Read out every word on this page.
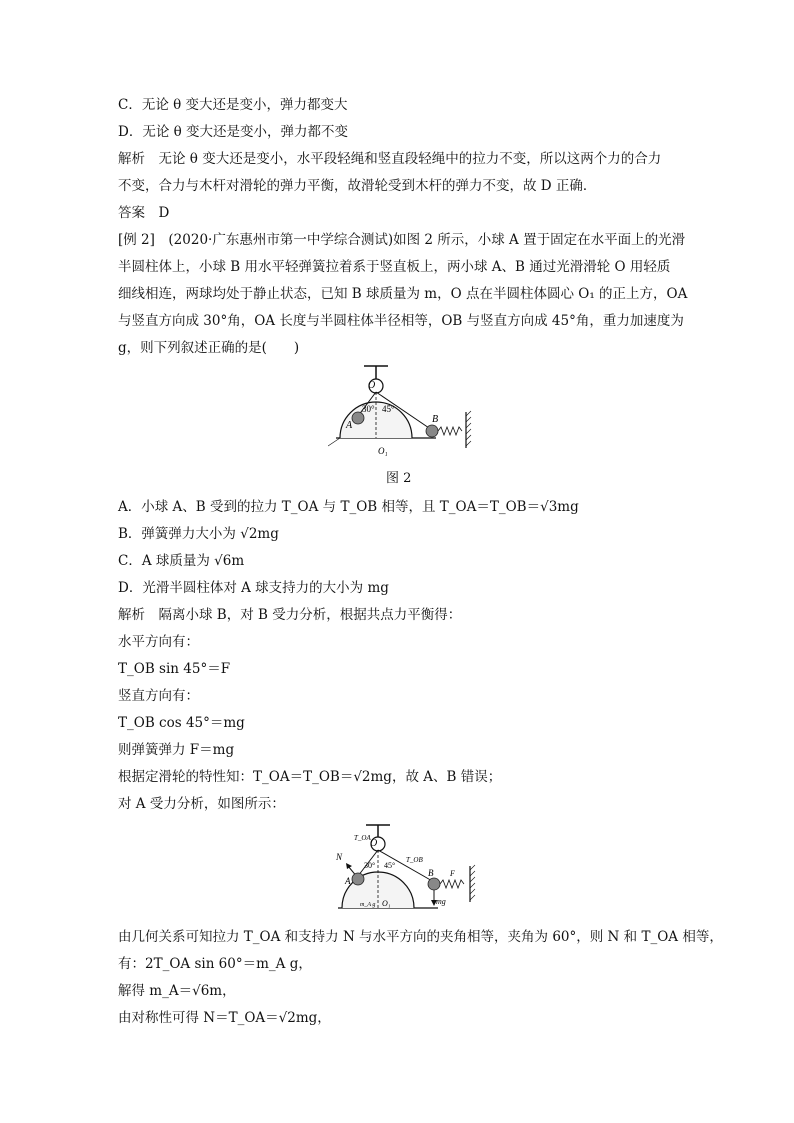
C．无论 θ 变大还是变小，弹力都变大
D．无论 θ 变大还是变小，弹力都不变
解析　无论 θ 变大还是变小，水平段轻绳和竖直段轻绳中的拉力不变，所以这两个力的合力
不变，合力与木杆对滑轮的弹力平衡，故滑轮受到木杆的弹力不变，故 D 正确．
答案　D
[例 2]　(2020·广东惠州市第一中学综合测试)如图 2 所示，小球 A 置于固定在水平面上的光滑
半圆柱体上，小球 B 用水平轻弹簧拉着系于竖直板上，两小球 A、B 通过光滑滑轮 O 用轻质
细线相连，两球均处于静止状态，已知 B 球质量为 m，O 点在半圆柱体圆心 O₁ 的正上方，OA
与竖直方向成 30°角，OA 长度与半圆柱体半径相等，OB 与竖直方向成 45°角，重力加速度为
g，则下列叙述正确的是(　　)
O
30° 45°
A
B
O₁
图 2
A．小球 A、B 受到的拉力 T_OA 与 T_OB 相等，且 T_OA＝T_OB＝√3mg
B．弹簧弹力大小为 √2mg
C．A 球质量为 √6m
D．光滑半圆柱体对 A 球支持力的大小为 mg
解析　隔离小球 B，对 B 受力分析，根据共点力平衡得：
水平方向有：
T_OB sin 45°＝F
竖直方向有：
T_OB cos 45°＝mg
则弹簧弹力 F＝mg
根据定滑轮的特性知：T_OA＝T_OB＝√2mg，故 A、B 错误；
对 A 受力分析，如图所示：
O
T_OA
30° 45°
T_OB
N
A
B F
mg
m_A g O₁
由几何关系可知拉力 T_OA 和支持力 N 与水平方向的夹角相等，夹角为 60°，则 N 和 T_OA 相等，
有：2T_OA sin 60°＝m_A g，
解得 m_A＝√6m，
由对称性可得 N＝T_OA＝√2mg，
